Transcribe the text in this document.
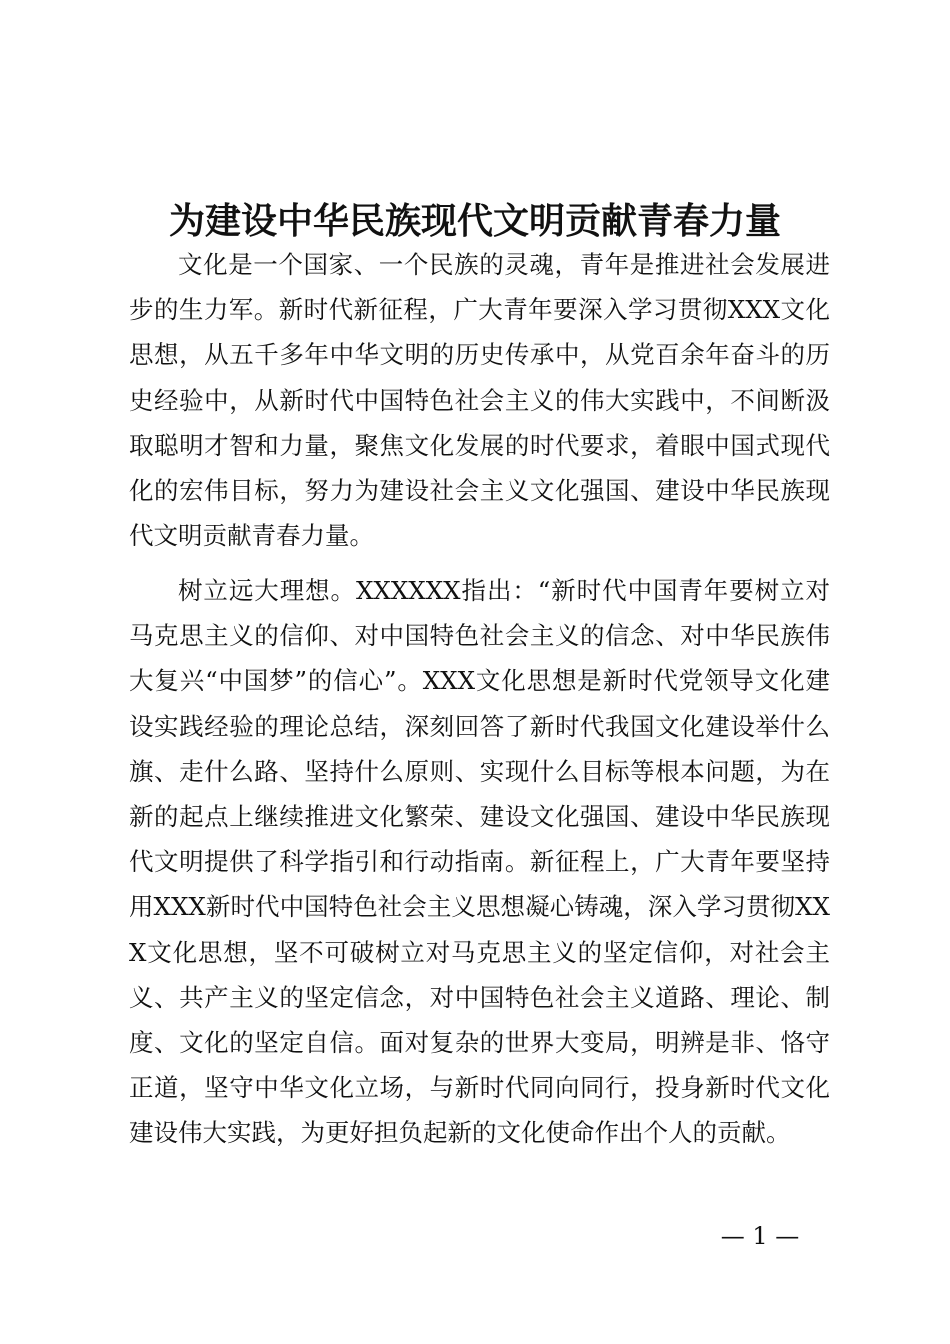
为建设中华民族现代文明贡献青春力量

文化是一个国家、一个民族的灵魂，青年是推进社会发展进步的生力军。新时代新征程，广大青年要深入学习贯彻XXX文化思想，从五千多年中华文明的历史传承中，从党百余年奋斗的历史经验中，从新时代中国特色社会主义的伟大实践中，不间断汲取聪明才智和力量，聚焦文化发展的时代要求，着眼中国式现代化的宏伟目标，努力为建设社会主义文化强国、建设中华民族现代文明贡献青春力量。

树立远大理想。XXXXXX指出：“新时代中国青年要树立对马克思主义的信仰、对中国特色社会主义的信念、对中华民族伟大复兴“中国梦”的信心”。XXX文化思想是新时代党领导文化建设实践经验的理论总结，深刻回答了新时代我国文化建设举什么旗、走什么路、坚持什么原则、实现什么目标等根本问题，为在新的起点上继续推进文化繁荣、建设文化强国、建设中华民族现代文明提供了科学指引和行动指南。新征程上，广大青年要坚持用XXX新时代中国特色社会主义思想凝心铸魂，深入学习贯彻XXX文化思想，坚不可破树立对马克思主义的坚定信仰，对社会主义、共产主义的坚定信念，对中国特色社会主义道路、理论、制度、文化的坚定自信。面对复杂的世界大变局，明辨是非、恪守正道，坚守中华文化立场，与新时代同向同行，投身新时代文化建设伟大实践，为更好担负起新的文化使命作出个人的贡献。

— 1 —
